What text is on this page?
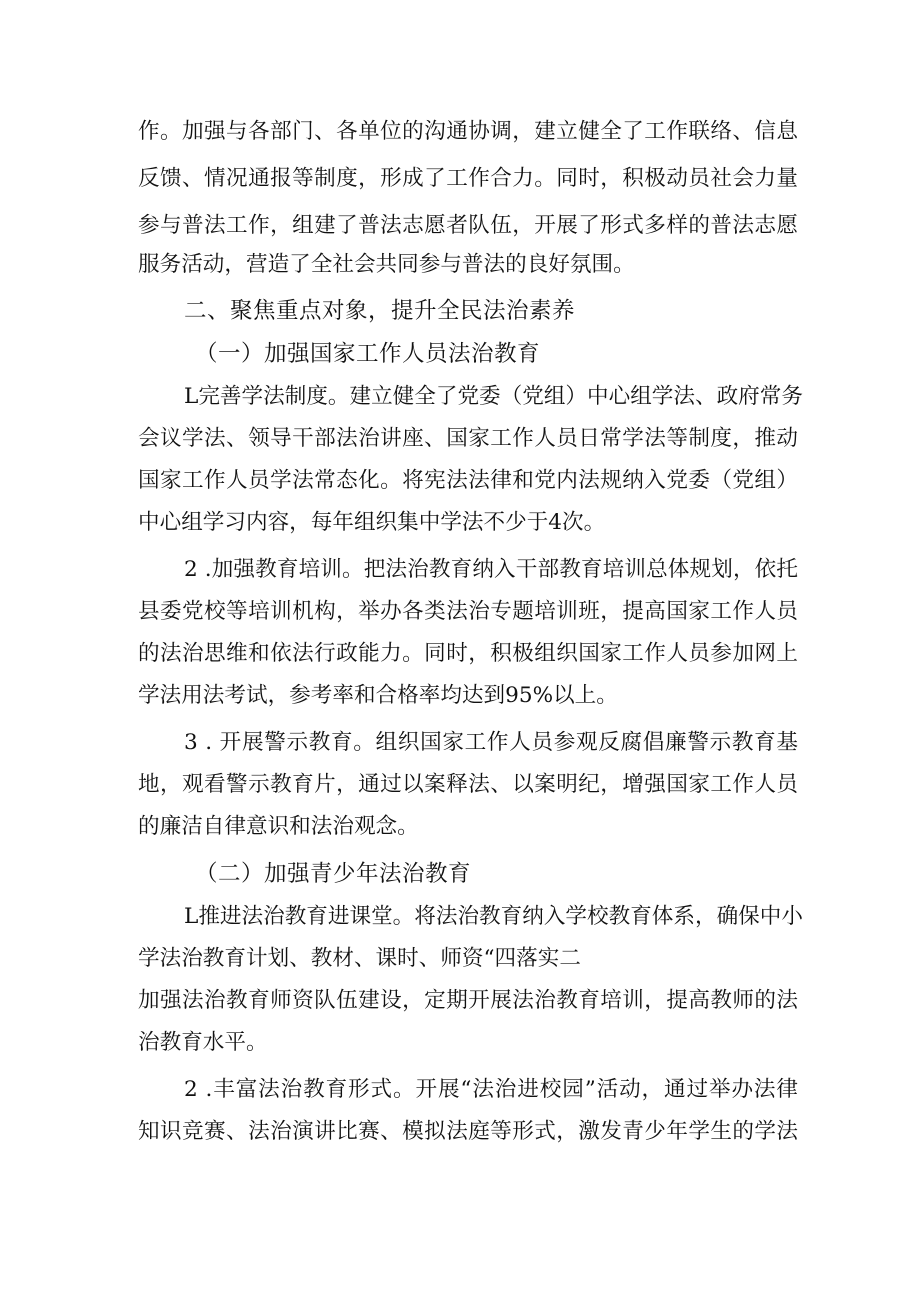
作。加强与各部门、各单位的沟通协调，建立健全了工作联络、信息
反馈、情况通报等制度，形成了工作合力。同时，积极动员社会力量
参与普法工作，组建了普法志愿者队伍，开展了形式多样的普法志愿
服务活动，营造了全社会共同参与普法的良好氛围。
二、聚焦重点对象，提升全民法治素养
（一）加强国家工作人员法治教育
L完善学法制度。建立健全了党委（党组）中心组学法、政府常务
会议学法、领导干部法治讲座、国家工作人员日常学法等制度，推动
国家工作人员学法常态化。将宪法法律和党内法规纳入党委（党组）
中心组学习内容，每年组织集中学法不少于4次。
2 .加强教育培训。把法治教育纳入干部教育培训总体规划，依托
县委党校等培训机构，举办各类法治专题培训班，提高国家工作人员
的法治思维和依法行政能力。同时，积极组织国家工作人员参加网上
学法用法考试，参考率和合格率均达到95%以上。
3 . 开展警示教育。组织国家工作人员参观反腐倡廉警示教育基
地，观看警示教育片，通过以案释法、以案明纪，增强国家工作人员
的廉洁自律意识和法治观念。
（二）加强青少年法治教育
L推进法治教育进课堂。将法治教育纳入学校教育体系，确保中小
学法治教育计划、教材、课时、师资“四落实二
加强法治教育师资队伍建设，定期开展法治教育培训，提高教师的法
治教育水平。
2 .丰富法治教育形式。开展“法治进校园”活动，通过举办法律
知识竞赛、法治演讲比赛、模拟法庭等形式，激发青少年学生的学法
